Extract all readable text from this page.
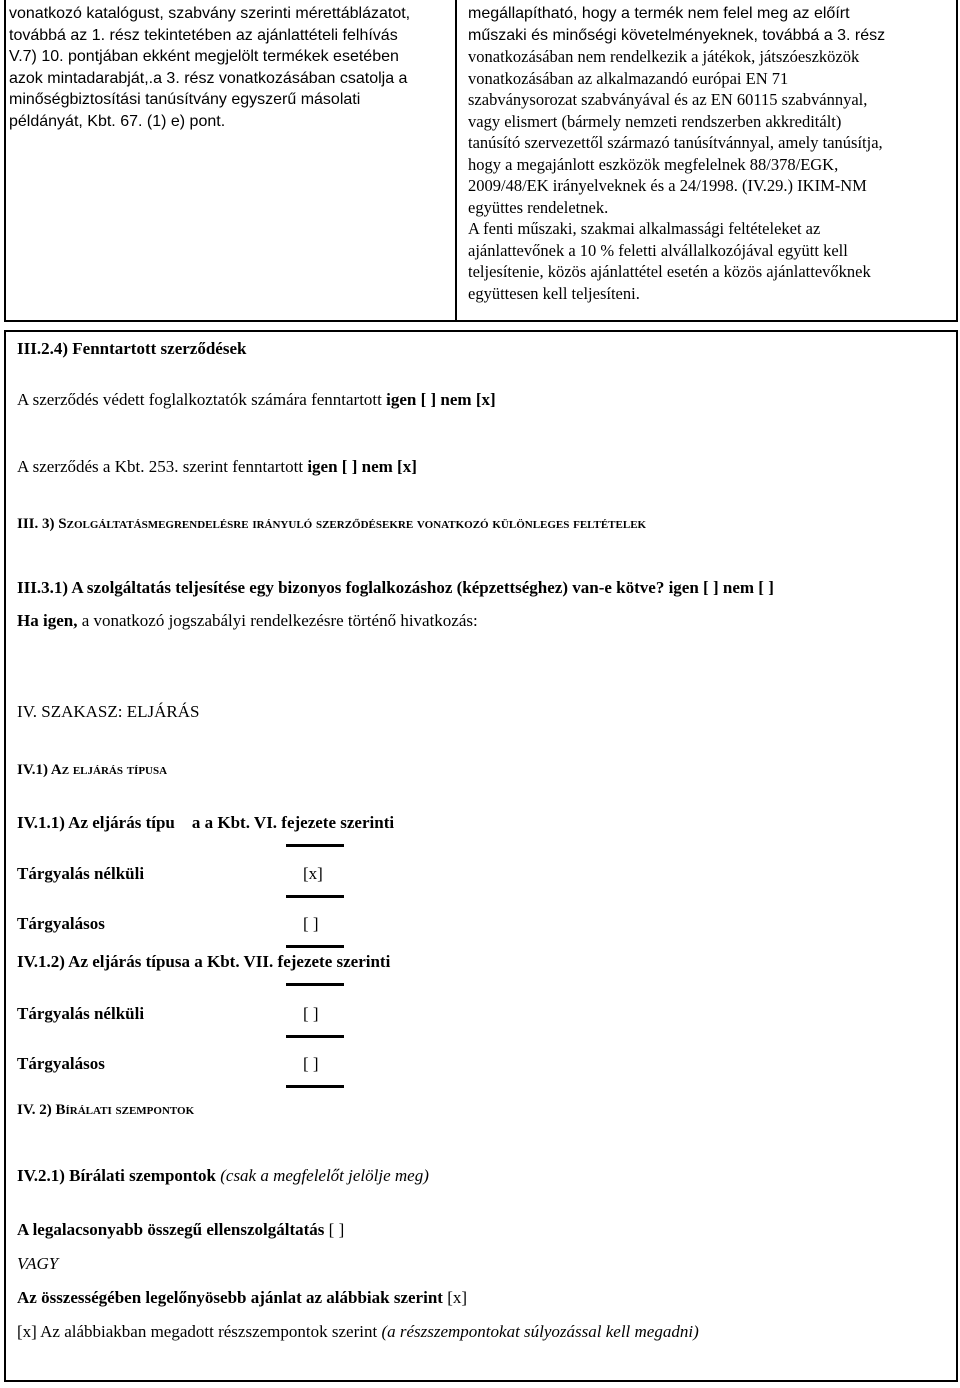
vonatkozó katalógust, szabvány szerinti mérettáblázatot,
továbbá az 1. rész tekintetében az ajánlattételi felhívás
V.7) 10. pontjában ekként megjelölt termékek esetében
azok mintadarabját,.a 3. rész vonatkozásában csatolja a
minőségbiztosítási tanúsítvány egyszerű másolati
példányát, Kbt. 67. (1) e) pont.
megállapítható, hogy a termék nem felel meg az előírt
műszaki és minőségi követelményeknek, továbbá a 3. rész
vonatkozásában nem rendelkezik a játékok, játszóeszközök
vonatkozásában az alkalmazandó európai EN 71
szabványsorozat szabványával és az EN 60115 szabvánnyal,
vagy elismert (bármely nemzeti rendszerben akkreditált)
tanúsító szervezettől származó tanúsítvánnyal, amely tanúsítja,
hogy a megajánlott eszközök megfelelnek 88/378/EGK,
2009/48/EK irányelveknek és a 24/1998. (IV.29.) IKIM-NM
együttes rendeletnek.
A fenti műszaki, szakmai alkalmassági feltételeket az
ajánlattevőnek a 10 % feletti alvállalkozójával együtt kell
teljesítenie, közös ajánlattétel esetén a közös ajánlattevőknek
együttesen kell teljesíteni.
III.2.4) Fenntartott szerződések
A szerződés védett foglalkoztatók számára fenntartott igen [ ] nem [x]
A szerződés a Kbt. 253. szerint fenntartott igen [ ] nem [x]
III. 3) Szolgáltatásmegrendelésre irányuló szerződésekre vonatkozó különleges feltételek
III.3.1) A szolgáltatás teljesítése egy bizonyos foglalkozáshoz (képzettséghez) van-e kötve? igen [ ] nem [ ]
Ha igen, a vonatkozó jogszabályi rendelkezésre történő hivatkozás:
IV. SZAKASZ: ELJÁRÁS
IV.1) Az eljárás típusa
IV.1.1) Az eljárás típu    a a Kbt. VI. fejezete szerinti
Tárgyalás nélküli	[x]
Tárgyalásos	[ ]
IV.1.2) Az eljárás típusa a Kbt. VII. fejezete szerinti
Tárgyalás nélküli	[ ]
Tárgyalásos	[ ]
IV. 2) Bírálati szempontok
IV.2.1) Bírálati szempontok (csak a megfelelőt jelölje meg)
A legalacsonyabb összegű ellenszolgáltatás [ ]
VAGY
Az összességében legelőnyösebb ajánlat az alábbiak szerint [x]
[x] Az alábbiakban megadott részszempontok szerint (a részszempontokat súlyozással kell megadni)
